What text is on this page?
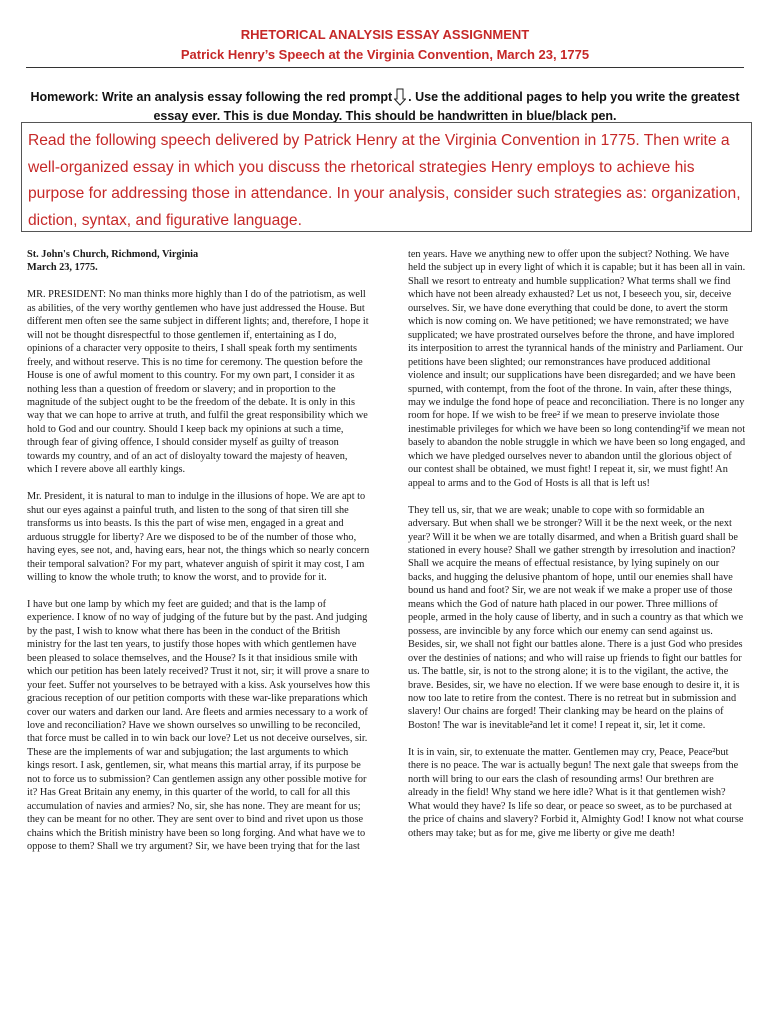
RHETORICAL ANALYSIS ESSAY ASSIGNMENT
Patrick Henry’s Speech at the Virginia Convention, March 23, 1775
Homework: Write an analysis essay following the red prompt . Use the additional pages to help you write the greatest essay ever. This is due Monday. This should be handwritten in blue/black pen.
Read the following speech delivered by Patrick Henry at the Virginia Convention in 1775. Then write a well-organized essay in which you discuss the rhetorical strategies Henry employs to achieve his purpose for addressing those in attendance. In your analysis, consider such strategies as: organization, diction, syntax, and figurative language.
St. John's Church, Richmond, Virginia
March 23, 1775.

MR. PRESIDENT: No man thinks more highly than I do of the patriotism, as well as abilities, of the very worthy gentlemen who have just addressed the House. But different men often see the same subject in different lights; and, therefore, I hope it will not be thought disrespectful to those gentlemen if, entertaining as I do, opinions of a character very opposite to theirs, I shall speak forth my sentiments freely, and without reserve. This is no time for ceremony. The question before the House is one of awful moment to this country. For my own part, I consider it as nothing less than a question of freedom or slavery; and in proportion to the magnitude of the subject ought to be the freedom of the debate. It is only in this way that we can hope to arrive at truth, and fulfil the great responsibility which we hold to God and our country. Should I keep back my opinions at such a time, through fear of giving offence, I should consider myself as guilty of treason towards my country, and of an act of disloyalty toward the majesty of heaven, which I revere above all earthly kings.

Mr. President, it is natural to man to indulge in the illusions of hope. We are apt to shut our eyes against a painful truth, and listen to the song of that siren till she transforms us into beasts. Is this the part of wise men, engaged in a great and arduous struggle for liberty? Are we disposed to be of the number of those who, having eyes, see not, and, having ears, hear not, the things which so nearly concern their temporal salvation? For my part, whatever anguish of spirit it may cost, I am willing to know the whole truth; to know the worst, and to provide for it.

I have but one lamp by which my feet are guided; and that is the lamp of experience. I know of no way of judging of the future but by the past. And judging by the past, I wish to know what there has been in the conduct of the British ministry for the last ten years, to justify those hopes with which gentlemen have been pleased to solace themselves, and the House? Is it that insidious smile with which our petition has been lately received? Trust it not, sir; it will prove a snare to your feet. Suffer not yourselves to be betrayed with a kiss. Ask yourselves how this gracious reception of our petition comports with these war-like preparations which cover our waters and darken our land. Are fleets and armies necessary to a work of love and reconciliation? Have we shown ourselves so unwilling to be reconciled, that force must be called in to win back our love? Let us not deceive ourselves, sir. These are the implements of war and subjugation; the last arguments to which kings resort. I ask, gentlemen, sir, what means this martial array, if its purpose be not to force us to submission? Can gentlemen assign any other possible motive for it? Has Great Britain any enemy, in this quarter of the world, to call for all this accumulation of navies and armies? No, sir, she has none. They are meant for us; they can be meant for no other. They are sent over to bind and rivet upon us those chains which the British ministry have been so long forging. And what have we to oppose to them? Shall we try argument? Sir, we have been trying that for the last

ten years. Have we anything new to offer upon the subject? Nothing. We have held the subject up in every light of which it is capable; but it has been all in vain. Shall we resort to entreaty and humble supplication? What terms shall we find which have not been already exhausted? Let us not, I beseech you, sir, deceive ourselves. Sir, we have done everything that could be done, to avert the storm which is now coming on. We have petitioned; we have remonstrated; we have supplicated; we have prostrated ourselves before the throne, and have implored its interposition to arrest the tyrannical hands of the ministry and Parliament. Our petitions have been slighted; our remonstrances have produced additional violence and insult; our supplications have been disregarded; and we have been spurned, with contempt, from the foot of the throne. In vain, after these things, may we indulge the fond hope of peace and reconciliation. There is no longer any room for hope. If we wish to be free² if we mean to preserve inviolate those inestimable privileges for which we have been so long contending²if we mean not basely to abandon the noble struggle in which we have been so long engaged, and which we have pledged ourselves never to abandon until the glorious object of our contest shall be obtained, we must fight! I repeat it, sir, we must fight! An appeal to arms and to the God of Hosts is all that is left us!

They tell us, sir, that we are weak; unable to cope with so formidable an adversary. But when shall we be stronger? Will it be the next week, or the next year? Will it be when we are totally disarmed, and when a British guard shall be stationed in every house? Shall we gather strength by irresolution and inaction? Shall we acquire the means of effectual resistance, by lying supinely on our backs, and hugging the delusive phantom of hope, until our enemies shall have bound us hand and foot? Sir, we are not weak if we make a proper use of those means which the God of nature hath placed in our power. Three millions of people, armed in the holy cause of liberty, and in such a country as that which we possess, are invincible by any force which our enemy can send against us. Besides, sir, we shall not fight our battles alone. There is a just God who presides over the destinies of nations; and who will raise up friends to fight our battles for us. The battle, sir, is not to the strong alone; it is to the vigilant, the active, the brave. Besides, sir, we have no election. If we were base enough to desire it, it is now too late to retire from the contest. There is no retreat but in submission and slavery! Our chains are forged! Their clanking may be heard on the plains of Boston! The war is inevitable²and let it come! I repeat it, sir, let it come.

It is in vain, sir, to extenuate the matter. Gentlemen may cry, Peace, Peace²but there is no peace. The war is actually begun! The next gale that sweeps from the north will bring to our ears the clash of resounding arms! Our brethren are already in the field! Why stand we here idle? What is it that gentlemen wish? What would they have? Is life so dear, or peace so sweet, as to be purchased at the price of chains and slavery? Forbid it, Almighty God! I know not what course others may take; but as for me, give me liberty or give me death!
